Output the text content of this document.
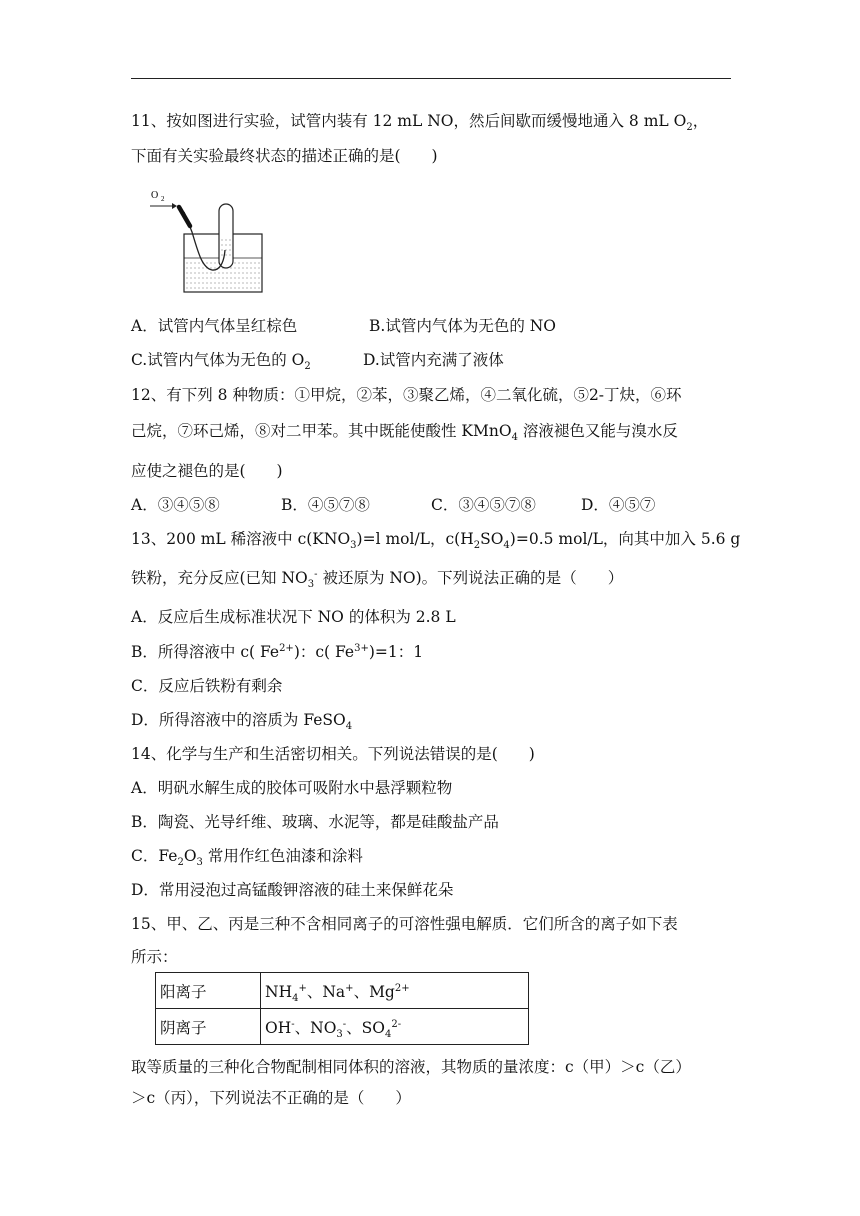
11、按如图进行实验，试管内装有 12 mL NO，然后间歇而缓慢地通入 8 mL $O_2$，
下面有关实验最终状态的描述正确的是(　　)
O 2
A．试管内气体呈红棕色	B.试管内气体为无色的 NO
C.试管内气体为无色的 $O_2$	D.试管内充满了液体
12、有下列 8 种物质：①甲烷，②苯，③聚乙烯，④二氧化硫，⑤2-丁炔，⑥环
己烷，⑦环己烯，⑧对二甲苯。其中既能使酸性 KMnO$_4$ 溶液褪色又能与溴水反
应使之褪色的是(　　)
A．③④⑤⑧	B．④⑤⑦⑧	C．③④⑤⑦⑧	D．④⑤⑦
13、200 mL 稀溶液中 $c(KNO_3)=l$ mol/L，$c(H_2SO_4)=0.5$ mol/L，向其中加入 5.6 g
铁粉，充分反应(已知 $NO_3^-$ 被还原为 NO)。下列说法正确的是（　　）
A．反应后生成标准状况下 NO 的体积为 2.8 L
B．所得溶液中 c( $Fe^{2+}$)：c( $Fe^{3+})=1$：1
C．反应后铁粉有剩余
D．所得溶液中的溶质为 FeSO$_4$
14、化学与生产和生活密切相关。下列说法错误的是(　　)
A．明矾水解生成的胶体可吸附水中悬浮颗粒物
B．陶瓷、光导纤维、玻璃、水泥等，都是硅酸盐产品
C．$Fe_2O_3$ 常用作红色油漆和涂料
D．常用浸泡过高锰酸钾溶液的硅土来保鲜花朵
15、甲、乙、丙是三种不含相同离子的可溶性强电解质．它们所含的离子如下表
所示：
阳离子	$NH_4^+$、Na+、$Mg^{2+}$
阴离子	OH-、$NO_3^-$、$SO_4^{2-}$
取等质量的三种化合物配制相同体积的溶液，其物质的量浓度：c（甲）＞c（乙）
＞c（丙），下列说法不正确的是（　　）
